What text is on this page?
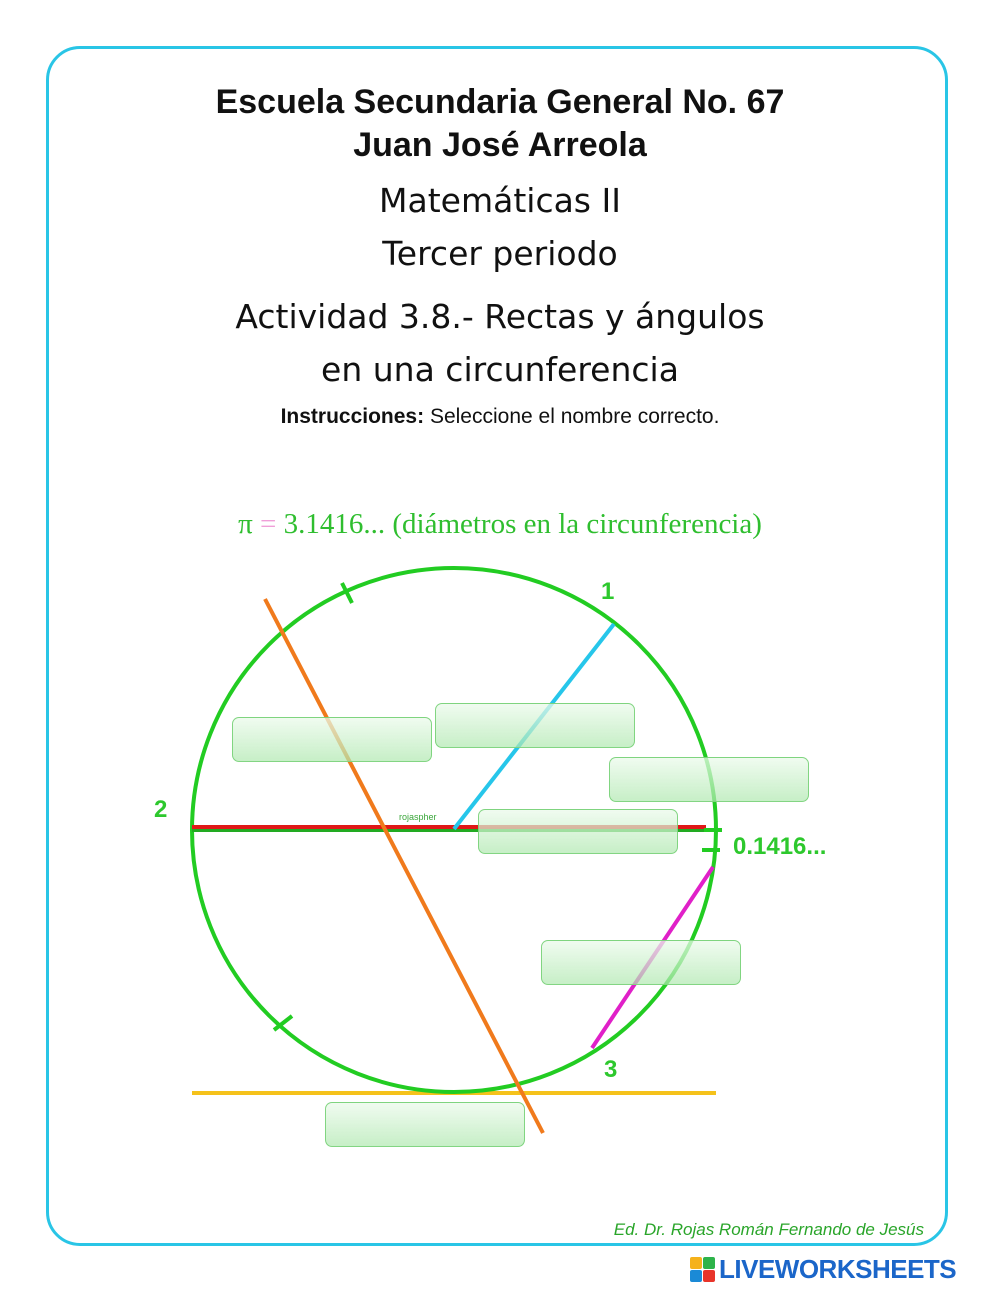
Escuela Secundaria General No. 67
Juan José Arreola
Matemáticas II
Tercer periodo
Actividad 3.8.- Rectas y ángulos
en una circunferencia
Instrucciones: Seleccione el nombre correcto.
π = 3.1416... (diámetros en la circunferencia)
rojaspher
1
2
3
0.1416...
Ed. Dr. Rojas Román Fernando de Jesús
LIVEWORKSHEETS
